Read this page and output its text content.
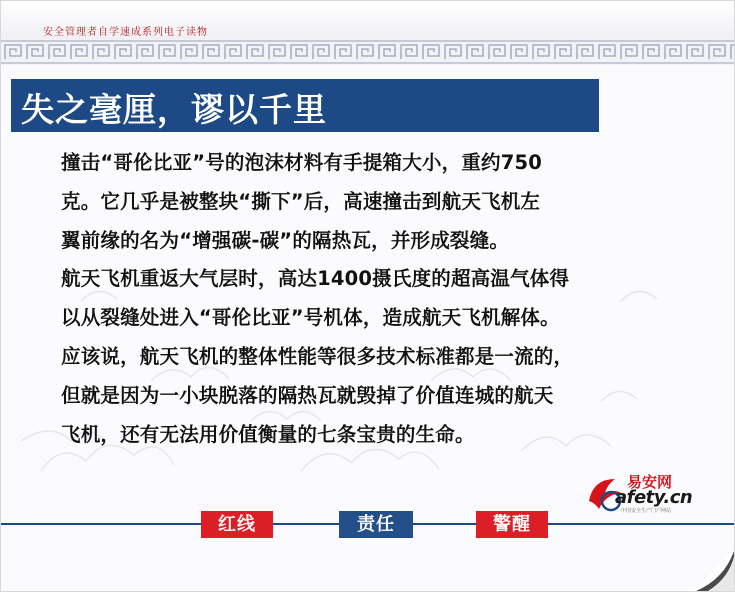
安全管理者自学速成系列电子读物
失之毫厘，谬以千里
撞击“哥伦比亚”号的泡沫材料有手提箱大小，重约750
克。它几乎是被整块“撕下”后，高速撞击到航天飞机左
翼前缘的名为“增强碳-碳”的隔热瓦，并形成裂缝。
航天飞机重返大气层时，高达1400摄氏度的超高温气体得
以从裂缝处进入“哥伦比亚”号机体，造成航天飞机解体。
应该说，航天飞机的整体性能等很多技术标准都是一流的，
但就是因为一小块脱落的隔热瓦就毁掉了价值连城的航天
飞机，还有无法用价值衡量的七条宝贵的生命。
易安网
afety.cn
中国安全生产门户网站
红线	责任	警醒
